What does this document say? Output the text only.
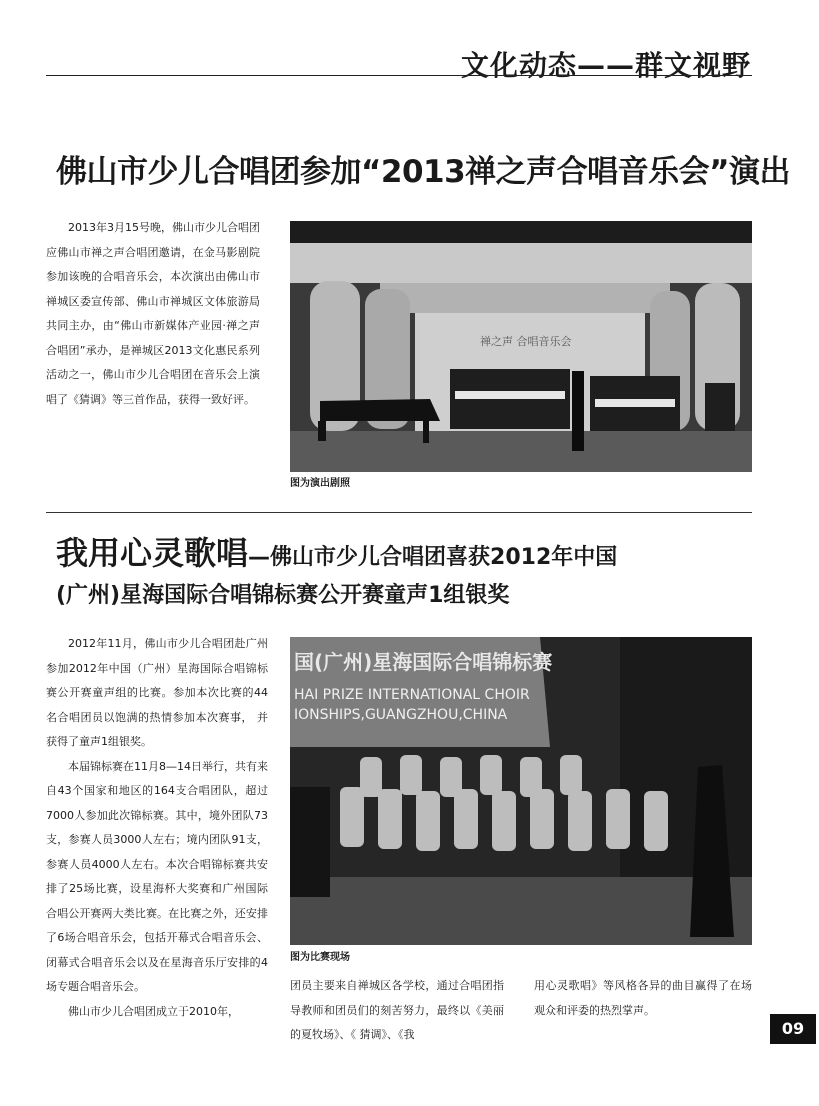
文化动态——群文视野
佛山市少儿合唱团参加“2013禅之声合唱音乐会”演出

2013年3月15号晚，佛山市少儿合唱团应佛山市禅之声合唱团邀请，在金马影剧院参加该晚的合唱音乐会，本次演出由佛山市禅城区委宣传部、佛山市禅城区文体旅游局共同主办，由“佛山市新媒体产业园·禅之声合唱团”承办，是禅城区2013文化惠民系列活动之一，佛山市少儿合唱团在音乐会上演唱了《猜调》等三首作品，获得一致好评。

禅之声 合唱音乐会
图为演出剧照
我用心灵歌唱—佛山市少儿合唱团喜获2012年中国
(广州)星海国际合唱锦标赛公开赛童声1组银奖

2012年11月，佛山市少儿合唱团赴广州参加2012年中国（广州）星海国际合唱锦标赛公开赛童声组的比赛。参加本次比赛的44名合唱团员以饱满的热情参加本次赛事， 并获得了童声1组银奖。

本届锦标赛在11月8—14日举行，共有来自43个国家和地区的164支合唱团队，超过7000人参加此次锦标赛。其中，境外团队73支，参赛人员3000人左右；境内团队91支，参赛人员4000人左右。本次合唱锦标赛共安排了25场比赛，设星海杯大奖赛和广州国际合唱公开赛两大类比赛。在比赛之外，还安排了6场合唱音乐会，包括开幕式合唱音乐会、闭幕式合唱音乐会以及在星海音乐厅安排的4场专题合唱音乐会。

佛山市少儿合唱团成立于2010年，

国(广州)星海国际合唱锦标赛
HAI PRIZE INTERNATIONAL CHOIR
IONSHIPS,GUANGZHOU,CHINA
图为比赛现场

团员主要来自禅城区各学校，通过合唱团指导教师和团员们的刻苦努力，最终以《美丽的夏牧场》、《 猜调》、《我

用心灵歌唱》等风格各异的曲目赢得了在场观众和评委的热烈掌声。

09
